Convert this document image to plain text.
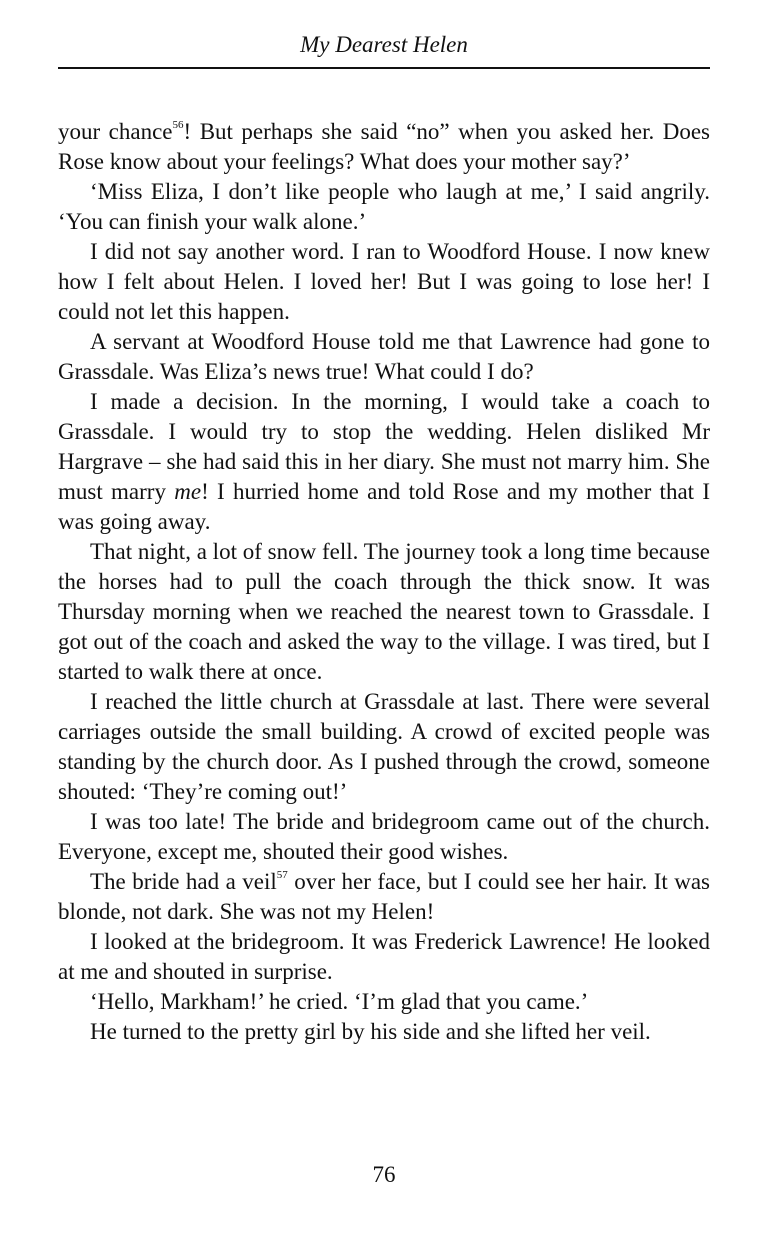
My Dearest Helen

your chance$^{56}$! But perhaps she said “no” when you asked her. Does Rose know about your feelings? What does your mother say?’

‘Miss Eliza, I don’t like people who laugh at me,’ I said angrily. ‘You can finish your walk alone.’

I did not say another word. I ran to Woodford House. I now knew how I felt about Helen. I loved her! But I was going to lose her! I could not let this happen.

A servant at Woodford House told me that Lawrence had gone to Grassdale. Was Eliza’s news true! What could I do?

I made a decision. In the morning, I would take a coach to Grassdale. I would try to stop the wedding. Helen disliked Mr Hargrave – she had said this in her diary. She must not marry him. She must marry me! I hurried home and told Rose and my mother that I was going away.

That night, a lot of snow fell. The journey took a long time because the horses had to pull the coach through the thick snow. It was Thursday morning when we reached the nearest town to Grassdale. I got out of the coach and asked the way to the village. I was tired, but I started to walk there at once.

I reached the little church at Grassdale at last. There were several carriages outside the small building. A crowd of excited people was standing by the church door. As I pushed through the crowd, someone shouted: ‘They’re coming out!’

I was too late! The bride and bridegroom came out of the church. Everyone, except me, shouted their good wishes.

The bride had a veil$^{57}$ over her face, but I could see her hair. It was blonde, not dark. She was not my Helen!

I looked at the bridegroom. It was Frederick Lawrence! He looked at me and shouted in surprise.

‘Hello, Markham!’ he cried. ‘I’m glad that you came.’

He turned to the pretty girl by his side and she lifted her veil.

76
